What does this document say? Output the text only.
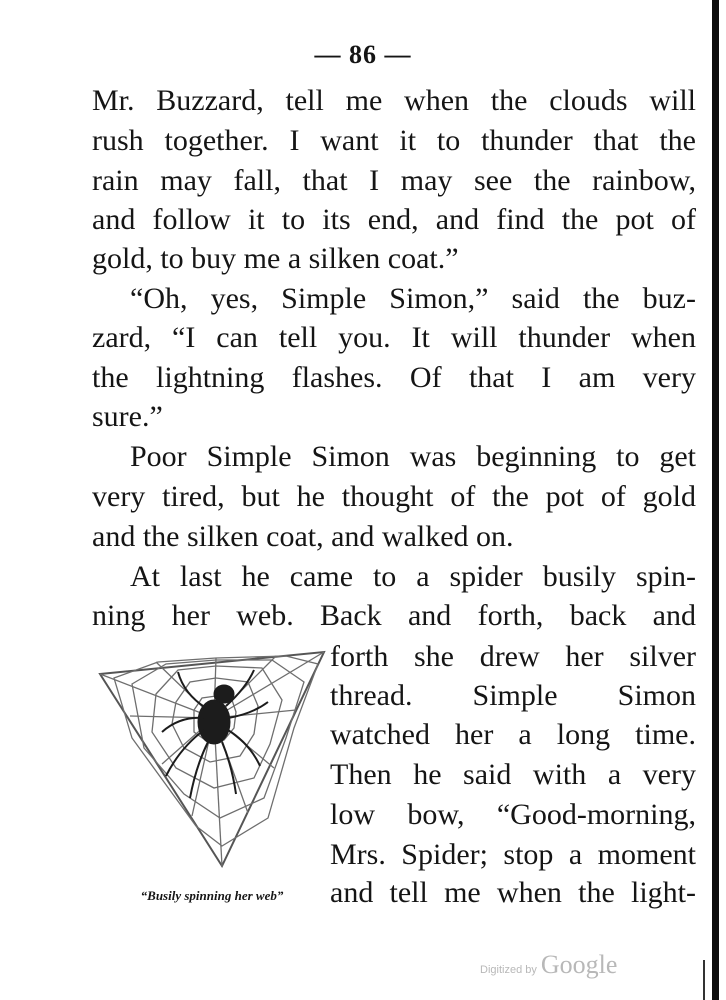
— 86 —
Mr. Buzzard, tell me when the clouds will
rush together. I want it to thunder that the
rain may fall, that I may see the rainbow,
and follow it to its end, and find the pot of
gold, to buy me a silken coat.”
“Oh, yes, Simple Simon,” said the buz-
zard, “I can tell you. It will thunder when
the lightning flashes. Of that I am very
sure.”
Poor Simple Simon was beginning to get
very tired, but he thought of the pot of gold
and the silken coat, and walked on.
At last he came to a spider busily spin-
ning her web. Back and forth, back and
forth she drew her silver
thread. Simple Simon
watched her a long time.
Then he said with a very
low bow, “Good-morning,
Mrs. Spider; stop a moment
and tell me when the light-
“Busily spinning her web”
Digitized by Google
